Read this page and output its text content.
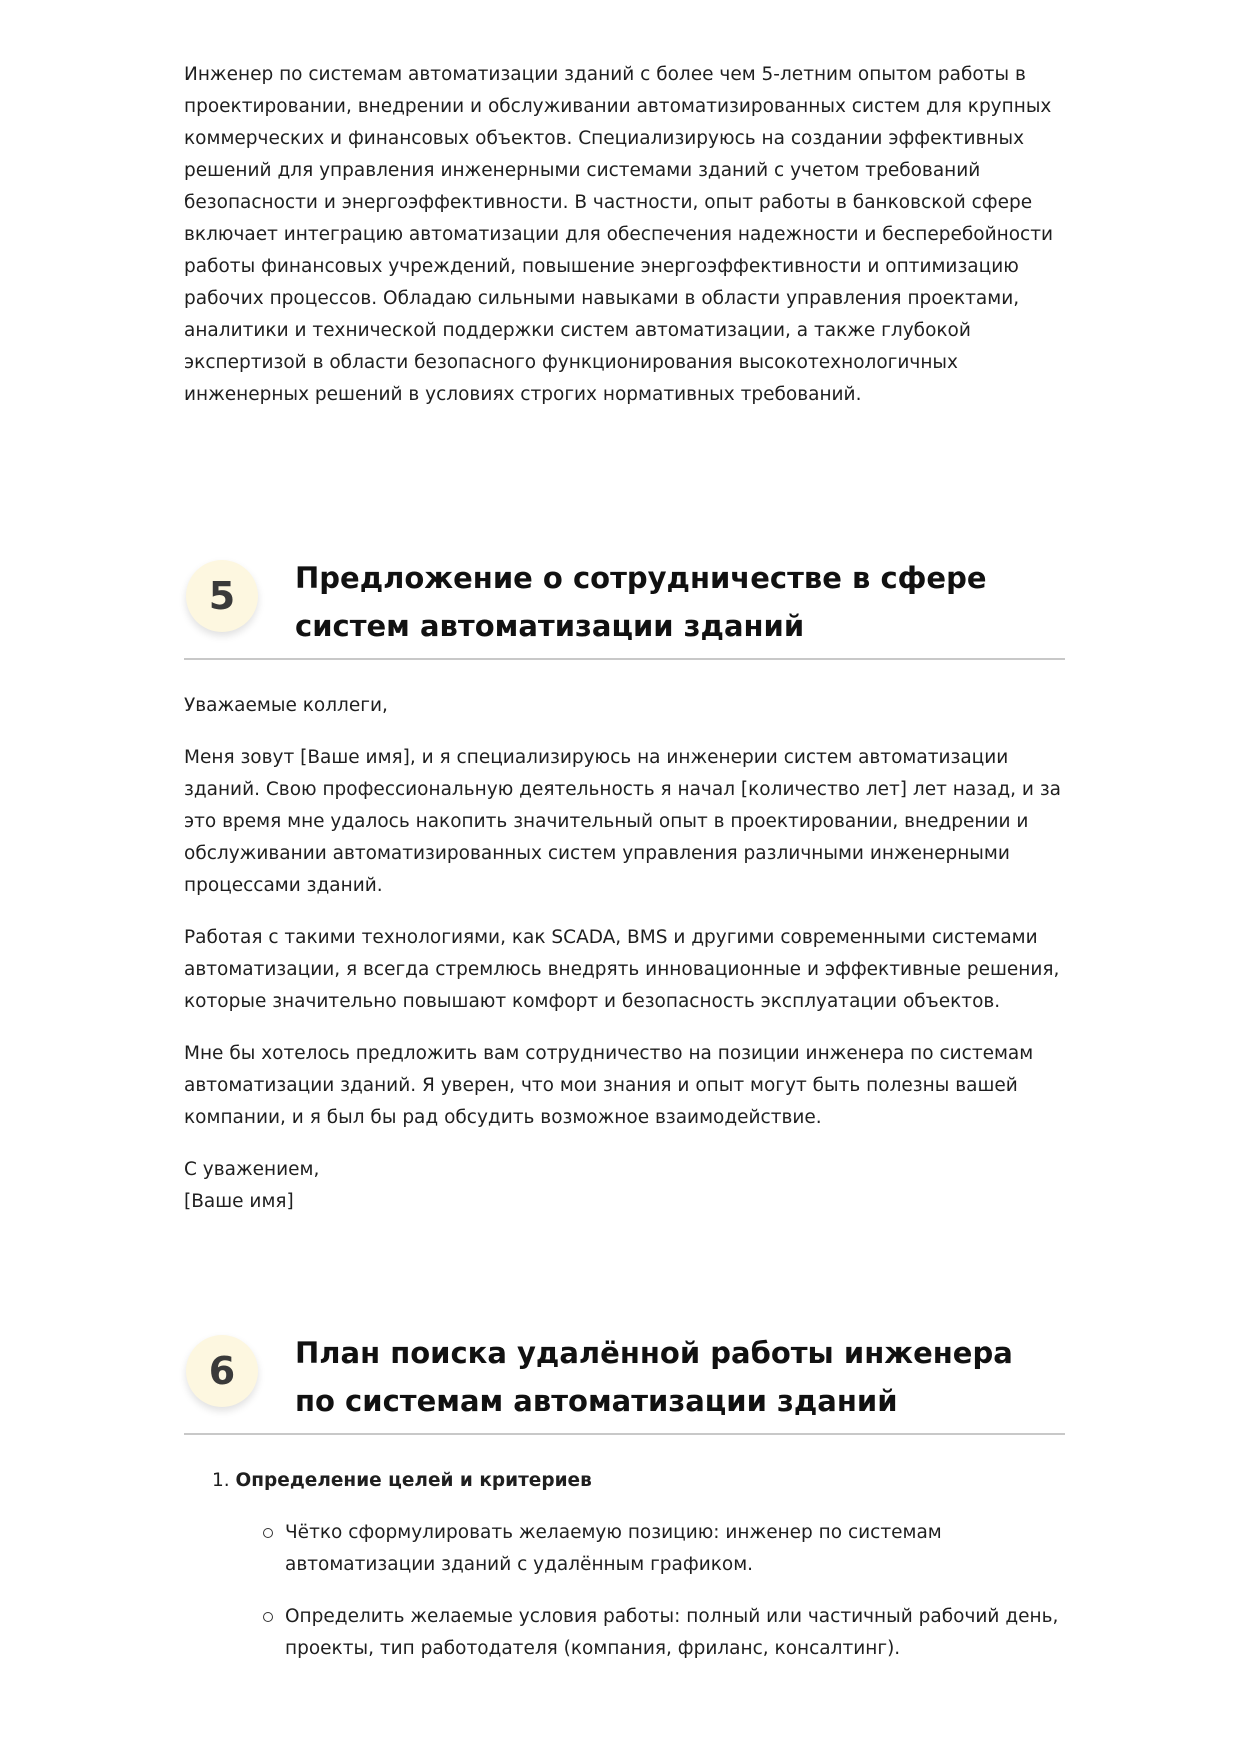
Инженер по системам автоматизации зданий с более чем 5-летним опытом работы в проектировании, внедрении и обслуживании автоматизированных систем для крупных коммерческих и финансовых объектов. Специализируюсь на создании эффективных решений для управления инженерными системами зданий с учетом требований безопасности и энергоэффективности. В частности, опыт работы в банковской сфере включает интеграцию автоматизации для обеспечения надежности и бесперебойности работы финансовых учреждений, повышение энергоэффективности и оптимизацию рабочих процессов. Обладаю сильными навыками в области управления проектами, аналитики и технической поддержки систем автоматизации, а также глубокой экспертизой в области безопасного функционирования высокотехнологичных инженерных решений в условиях строгих нормативных требований.

5	Предложение о сотрудничестве в сфере систем автоматизации зданий

Уважаемые коллеги,

Меня зовут [Ваше имя], и я специализируюсь на инженерии систем автоматизации зданий. Свою профессиональную деятельность я начал [количество лет] лет назад, и за это время мне удалось накопить значительный опыт в проектировании, внедрении и обслуживании автоматизированных систем управления различными инженерными процессами зданий.

Работая с такими технологиями, как SCADA, BMS и другими современными системами автоматизации, я всегда стремлюсь внедрять инновационные и эффективные решения, которые значительно повышают комфорт и безопасность эксплуатации объектов.

Мне бы хотелось предложить вам сотрудничество на позиции инженера по системам автоматизации зданий. Я уверен, что мои знания и опыт могут быть полезны вашей компании, и я был бы рад обсудить возможное взаимодействие.

С уважением,
[Ваше имя]

6	План поиска удалённой работы инженера по системам автоматизации зданий
1. Определение целей и критериев
Чётко сформулировать желаемую позицию: инженер по системам автоматизации зданий с удалённым графиком.
Определить желаемые условия работы: полный или частичный рабочий день, проекты, тип работодателя (компания, фриланс, консалтинг).
